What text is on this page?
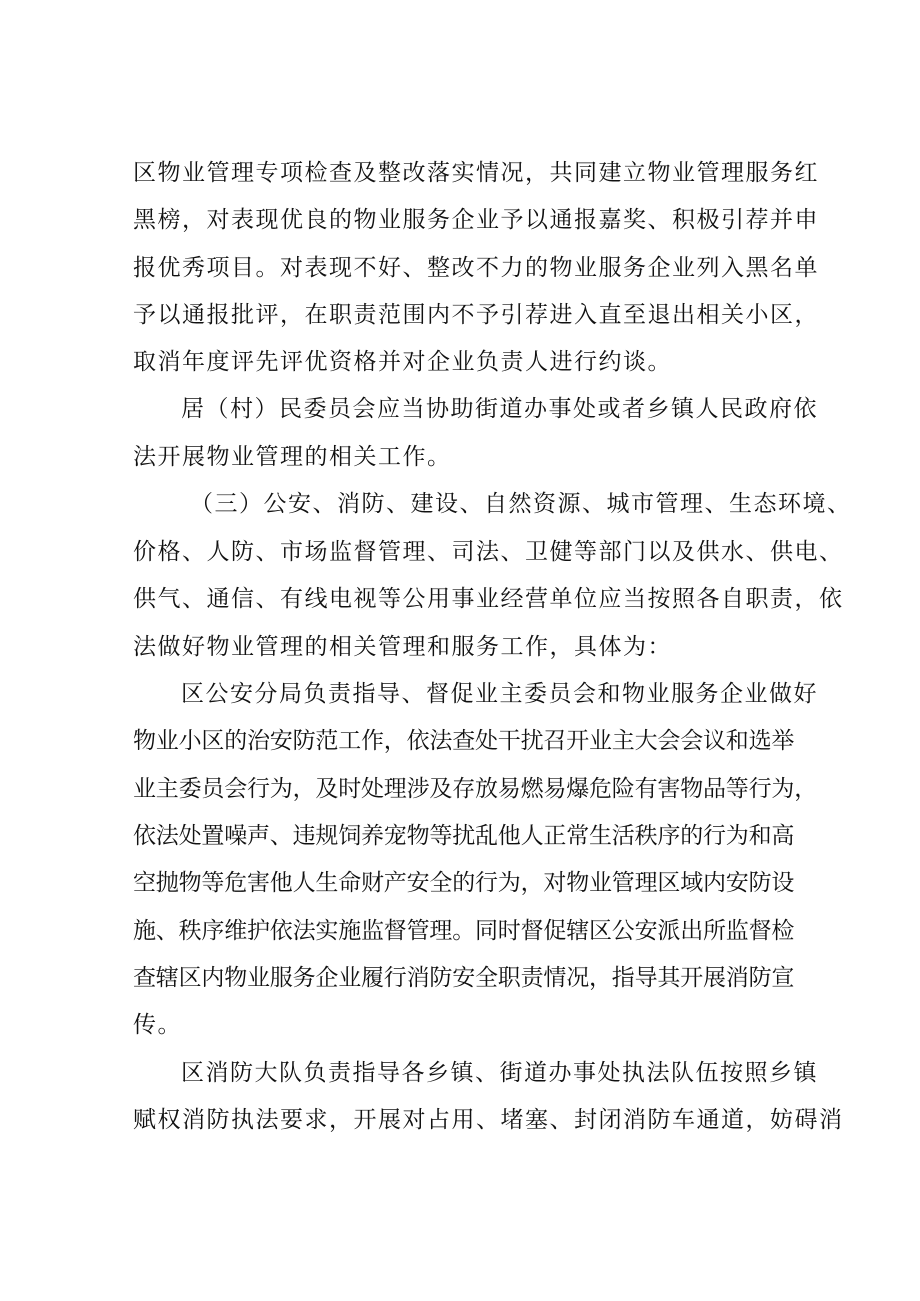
区物业管理专项检查及整改落实情况，共同建立物业管理服务红
黑榜，对表现优良的物业服务企业予以通报嘉奖、积极引荐并申
报优秀项目。对表现不好、整改不力的物业服务企业列入黑名单
予以通报批评，在职责范围内不予引荐进入直至退出相关小区，
取消年度评先评优资格并对企业负责人进行约谈。
居（村）民委员会应当协助街道办事处或者乡镇人民政府依
法开展物业管理的相关工作。
（三）公安、消防、建设、自然资源、城市管理、生态环境、
价格、人防、市场监督管理、司法、卫健等部门以及供水、供电、
供气、通信、有线电视等公用事业经营单位应当按照各自职责，依
法做好物业管理的相关管理和服务工作，具体为：
区公安分局负责指导、督促业主委员会和物业服务企业做好
物业小区的治安防范工作，依法查处干扰召开业主大会会议和选举
业主委员会行为，及时处理涉及存放易燃易爆危险有害物品等行为，
依法处置噪声、违规饲养宠物等扰乱他人正常生活秩序的行为和高
空抛物等危害他人生命财产安全的行为，对物业管理区域内安防设
施、秩序维护依法实施监督管理。同时督促辖区公安派出所监督检
查辖区内物业服务企业履行消防安全职责情况，指导其开展消防宣
传。
区消防大队负责指导各乡镇、街道办事处执法队伍按照乡镇
赋权消防执法要求，开展对占用、堵塞、封闭消防车通道，妨碍消
